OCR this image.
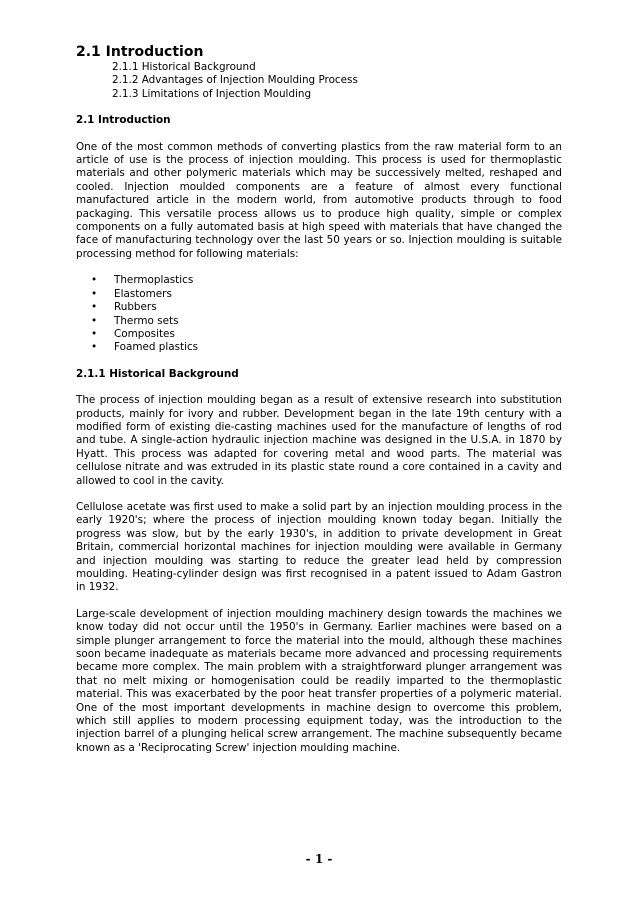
2.1 Introduction
2.1.1 Historical Background
2.1.2 Advantages of Injection Moulding Process
2.1.3 Limitations of Injection Moulding
2.1 Introduction

One of the most common methods of converting plastics from the raw material form to an article of use is the process of injection moulding. This process is used for thermoplastic materials and other polymeric materials which may be successively melted, reshaped and cooled. Injection moulded components are a feature of almost every functional manufactured article in the modern world, from automotive products through to food packaging. This versatile process allows us to produce high quality, simple or complex components on a fully automated basis at high speed with materials that have changed the face of manufacturing technology over the last 50 years or so. Injection moulding is suitable processing method for following materials:

• Thermoplastics
• Elastomers
• Rubbers
• Thermo sets
• Composites
• Foamed plastics
2.1.1 Historical Background

The process of injection moulding began as a result of extensive research into substitution products, mainly for ivory and rubber. Development began in the late 19th century with a modified form of existing die-casting machines used for the manufacture of lengths of rod and tube. A single-action hydraulic injection machine was designed in the U.S.A. in 1870 by Hyatt. This process was adapted for covering metal and wood parts. The material was cellulose nitrate and was extruded in its plastic state round a core contained in a cavity and allowed to cool in the cavity.

Cellulose acetate was first used to make a solid part by an injection moulding process in the early 1920's; where the process of injection moulding known today began. Initially the progress was slow, but by the early 1930's, in addition to private development in Great Britain, commercial horizontal machines for injection moulding were available in Germany and injection moulding was starting to reduce the greater lead held by compression moulding. Heating-cylinder design was first recognised in a patent issued to Adam Gastron in 1932.

Large-scale development of injection moulding machinery design towards the machines we know today did not occur until the 1950's in Germany. Earlier machines were based on a simple plunger arrangement to force the material into the mould, although these machines soon became inadequate as materials became more advanced and processing requirements became more complex. The main problem with a straightforward plunger arrangement was that no melt mixing or homogenisation could be readily imparted to the thermoplastic material. This was exacerbated by the poor heat transfer properties of a polymeric material. One of the most important developments in machine design to overcome this problem, which still applies to modern processing equipment today, was the introduction to the injection barrel of a plunging helical screw arrangement. The machine subsequently became known as a 'Reciprocating Screw' injection moulding machine.

- 1 -
